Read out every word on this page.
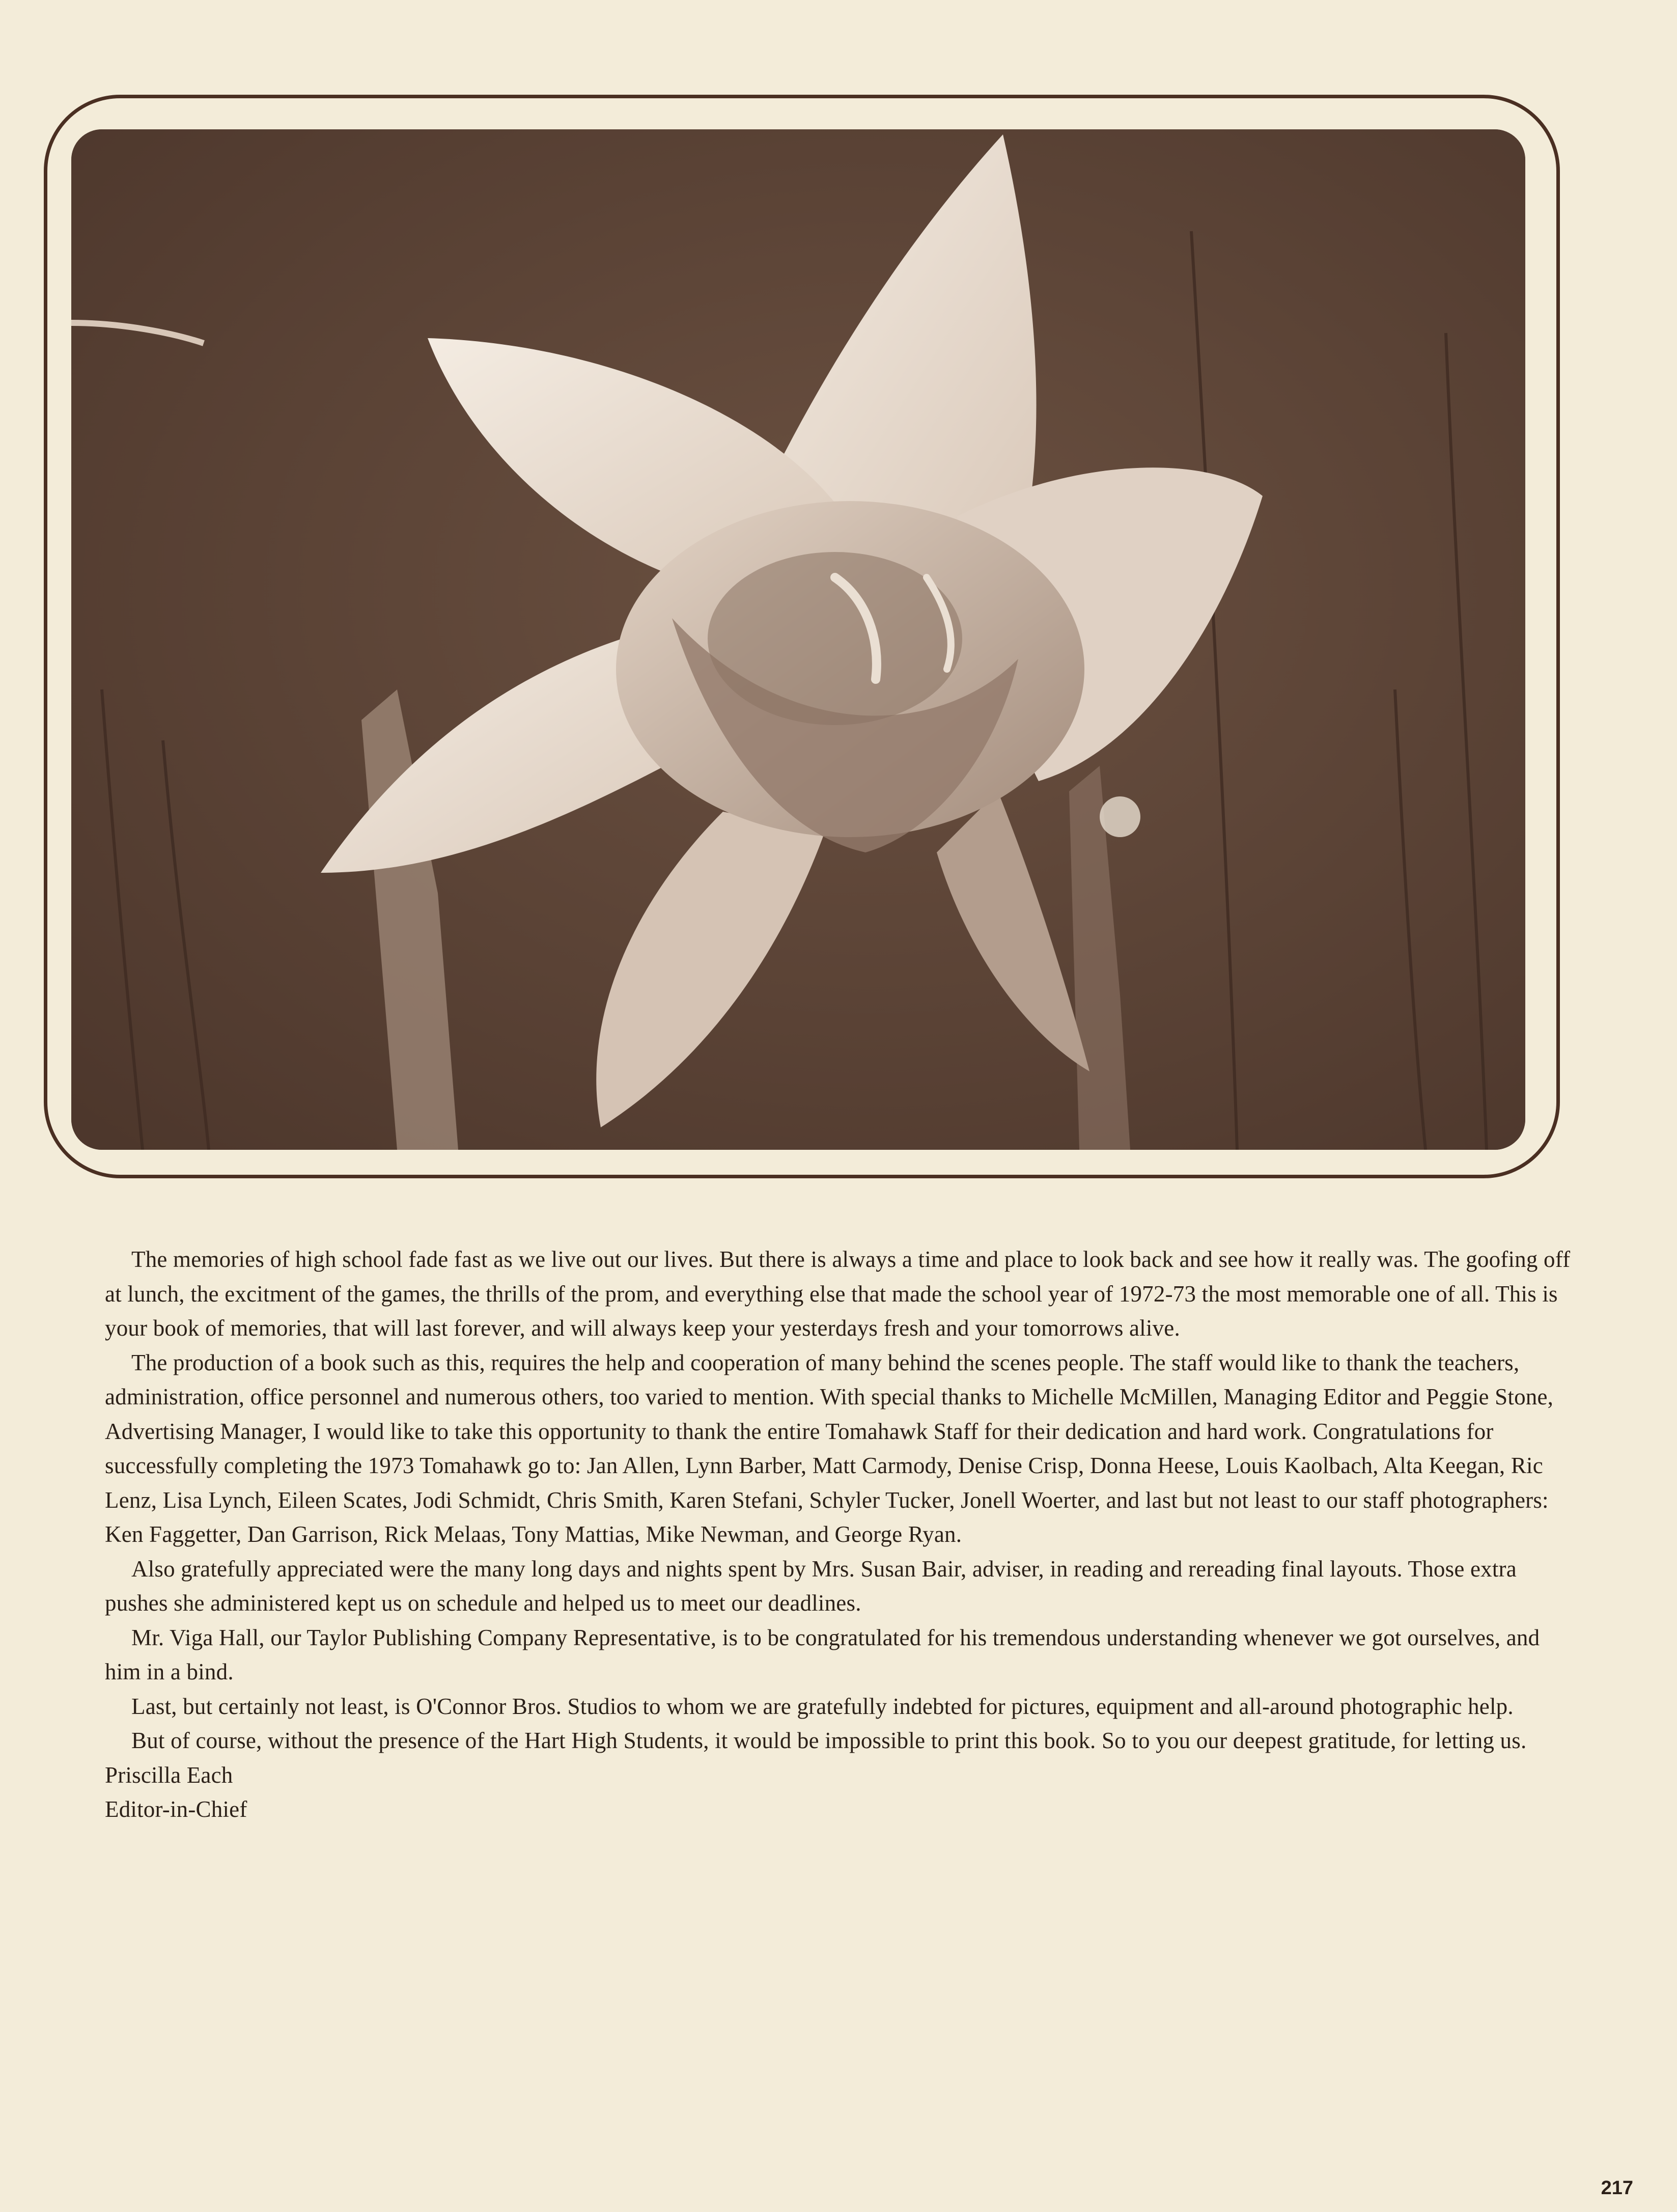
The memories of high school fade fast as we live out our lives. But there is always a time and place to look back and see how it really was. The goofing off at lunch, the excitment of the games, the thrills of the prom, and everything else that made the school year of 1972-73 the most memorable one of all. This is your book of memories, that will last forever, and will always keep your yesterdays fresh and your tomorrows alive.

The production of a book such as this, requires the help and cooperation of many behind the scenes people. The staff would like to thank the teachers, administration, office personnel and numerous others, too varied to mention. With special thanks to Michelle McMillen, Managing Editor and Peggie Stone, Advertising Manager, I would like to take this opportunity to thank the entire Tomahawk Staff for their dedication and hard work. Congratulations for successfully completing the 1973 Tomahawk go to: Jan Allen, Lynn Barber, Matt Carmody, Denise Crisp, Donna Heese, Louis Kaolbach, Alta Keegan, Ric Lenz, Lisa Lynch, Eileen Scates, Jodi Schmidt, Chris Smith, Karen Stefani, Schyler Tucker, Jonell Woerter, and last but not least to our staff photographers: Ken Faggetter, Dan Garrison, Rick Melaas, Tony Mattias, Mike Newman, and George Ryan.

Also gratefully appreciated were the many long days and nights spent by Mrs. Susan Bair, adviser, in reading and rereading final layouts. Those extra pushes she administered kept us on schedule and helped us to meet our deadlines.

Mr. Viga Hall, our Taylor Publishing Company Representative, is to be congratulated for his tremendous understanding whenever we got ourselves, and him in a bind.

Last, but certainly not least, is O'Connor Bros. Studios to whom we are gratefully indebted for pictures, equipment and all-around photographic help.

But of course, without the presence of the Hart High Students, it would be impossible to print this book. So to you our deepest gratitude, for letting us.

Priscilla Each

Editor-in-Chief

217
